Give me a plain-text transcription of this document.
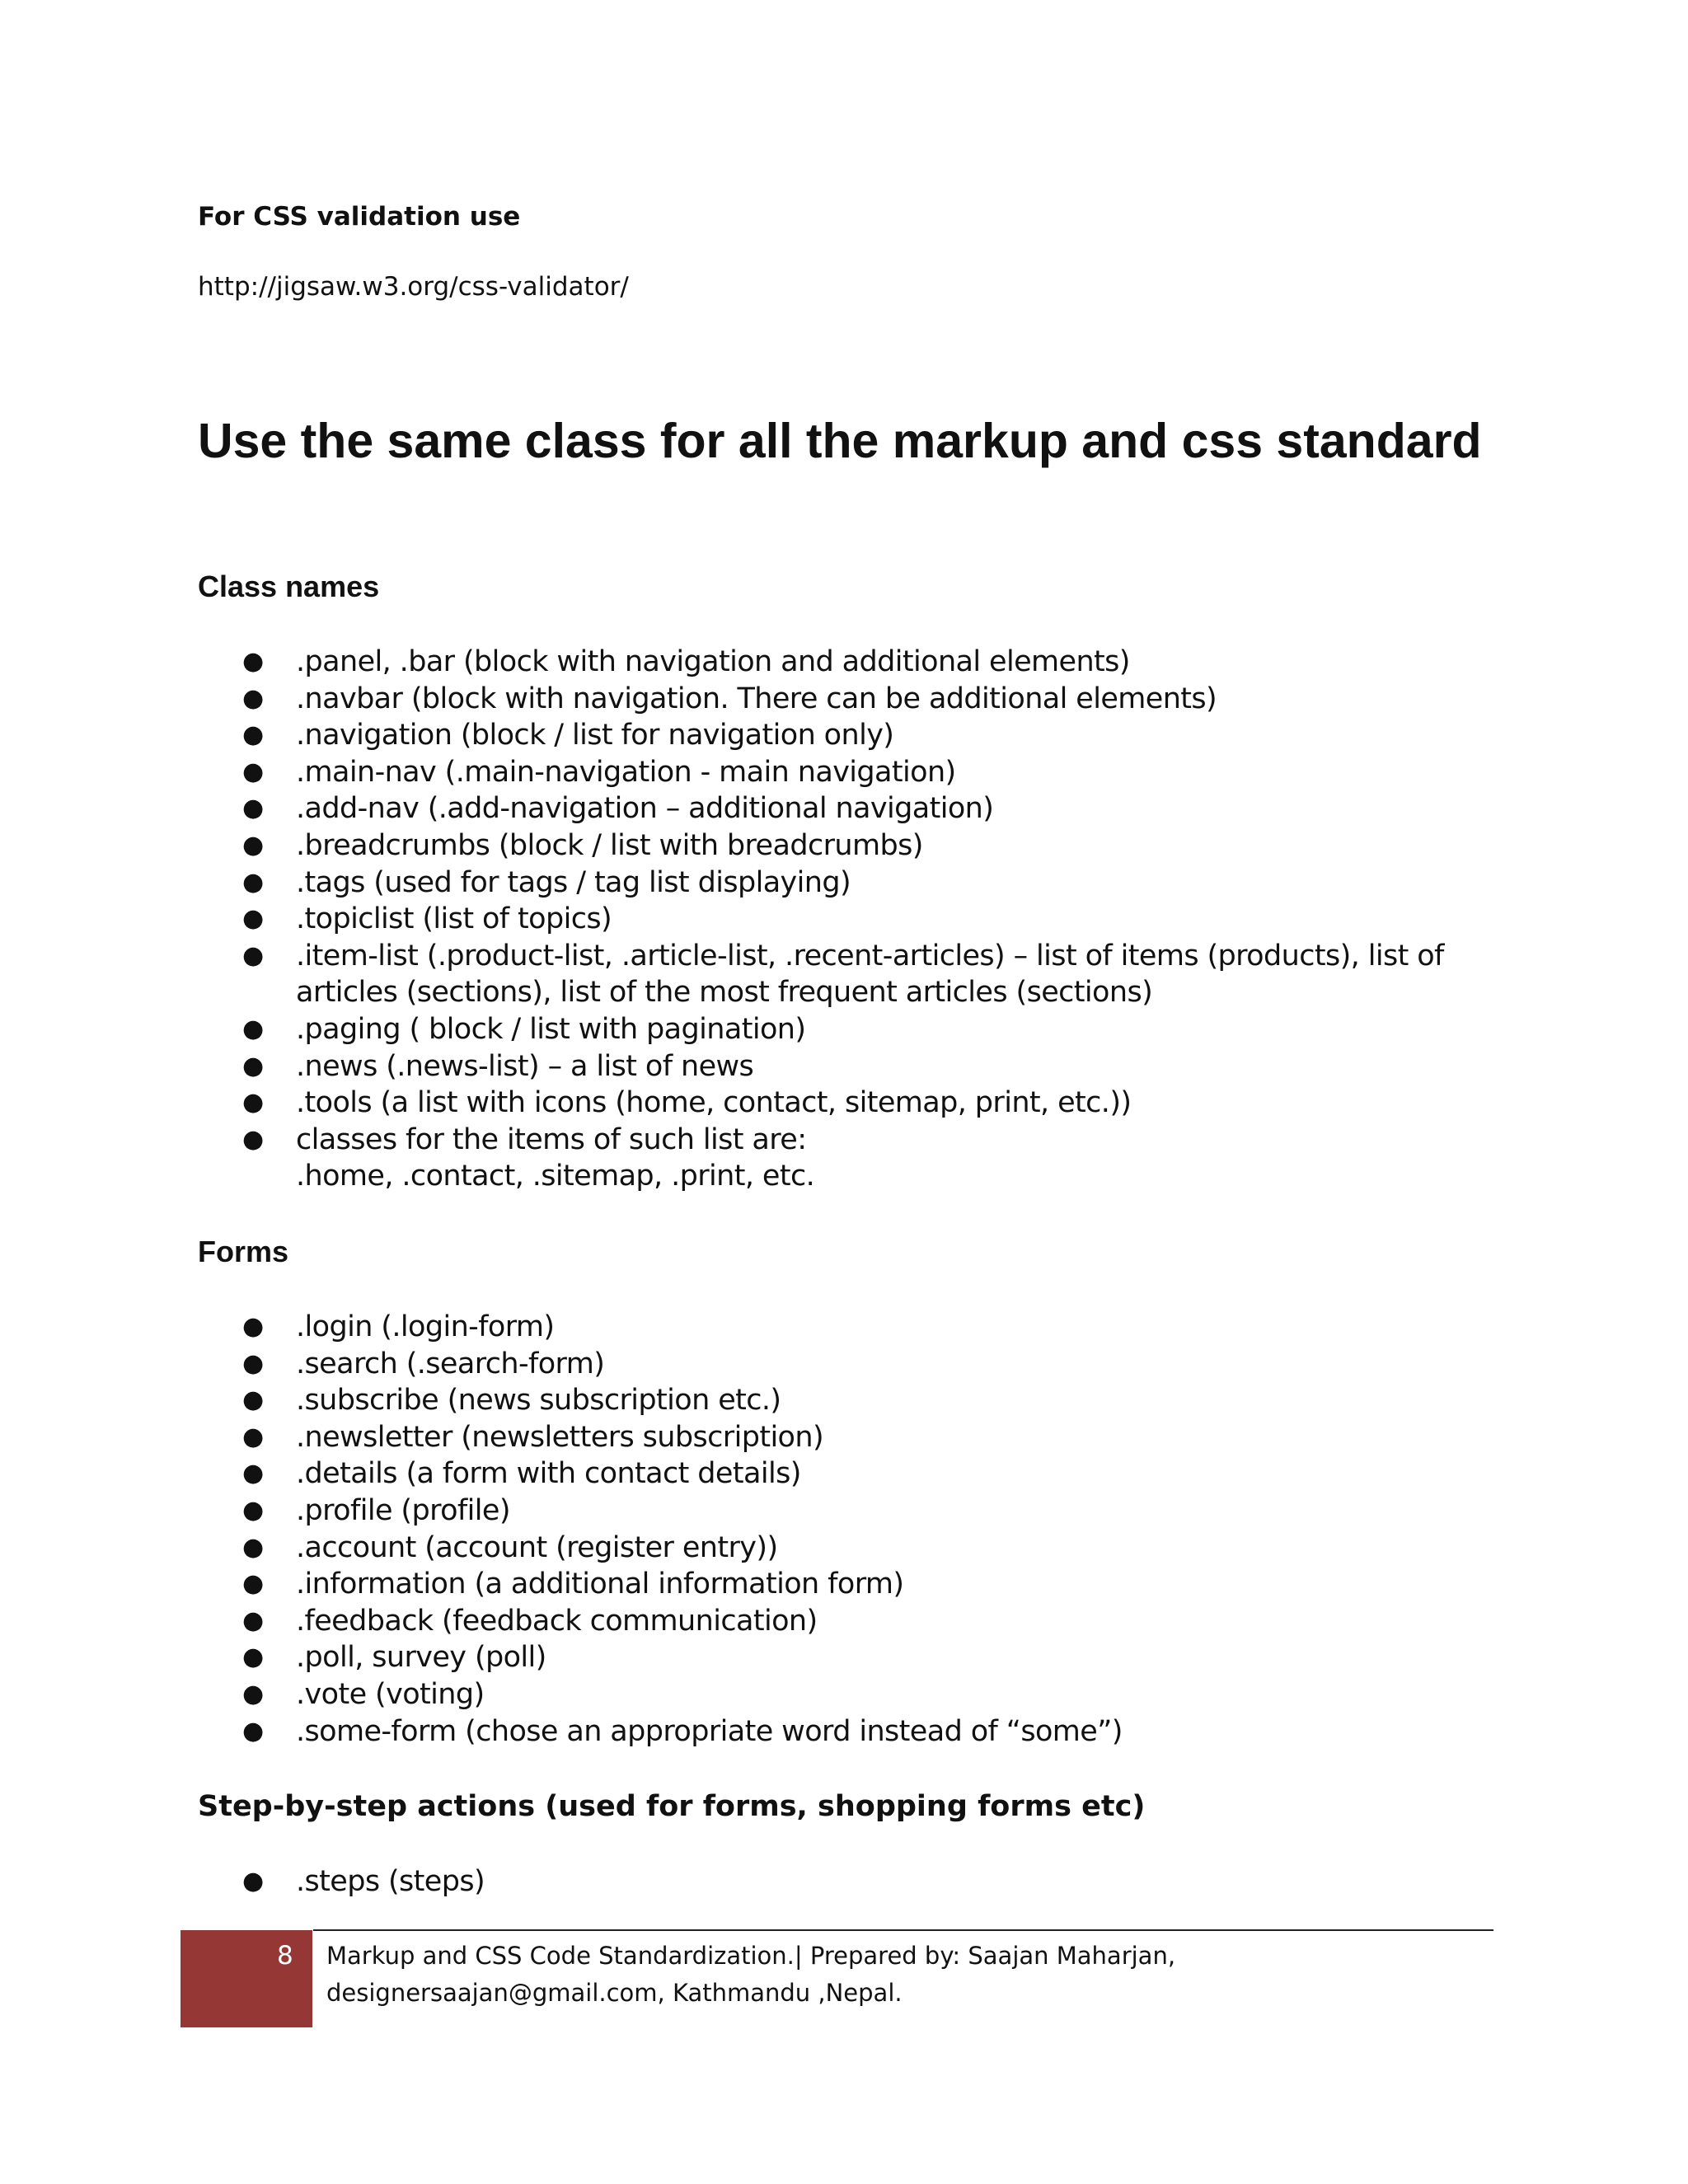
For CSS validation use

http://jigsaw.w3.org/css-validator/

Use the same class for all the markup and css standard
Class names
● .panel, .bar (block with navigation and additional elements)
● .navbar (block with navigation. There can be additional elements)
● .navigation (block / list for navigation only)
● .main-nav (.main-navigation - main navigation)
● .add-nav (.add-navigation – additional navigation)
● .breadcrumbs (block / list with breadcrumbs)
● .tags (used for tags / tag list displaying)
● .topiclist (list of topics)
● .item-list (.product-list, .article-list, .recent-articles) – list of items (products), list of
articles (sections), list of the most frequent articles (sections)
● .paging ( block / list with pagination)
● .news (.news-list) – a list of news
● .tools (a list with icons (home, contact, sitemap, print, etc.))
● classes for the items of such list are:
.home, .contact, .sitemap, .print, etc.
Forms
● .login (.login-form)
● .search (.search-form)
● .subscribe (news subscription etc.)
● .newsletter (newsletters subscription)
● .details (a form with contact details)
● .profile (profile)
● .account (account (register entry))
● .information (a additional information form)
● .feedback (feedback communication)
● .poll, survey (poll)
● .vote (voting)
● .some-form (chose an appropriate word instead of “some”)
Step-by-step actions (used for forms, shopping forms etc)
● .steps (steps)
8 Markup and CSS Code Standardization.| Prepared by: Saajan Maharjan,
designersaajan@gmail.com, Kathmandu ,Nepal.
